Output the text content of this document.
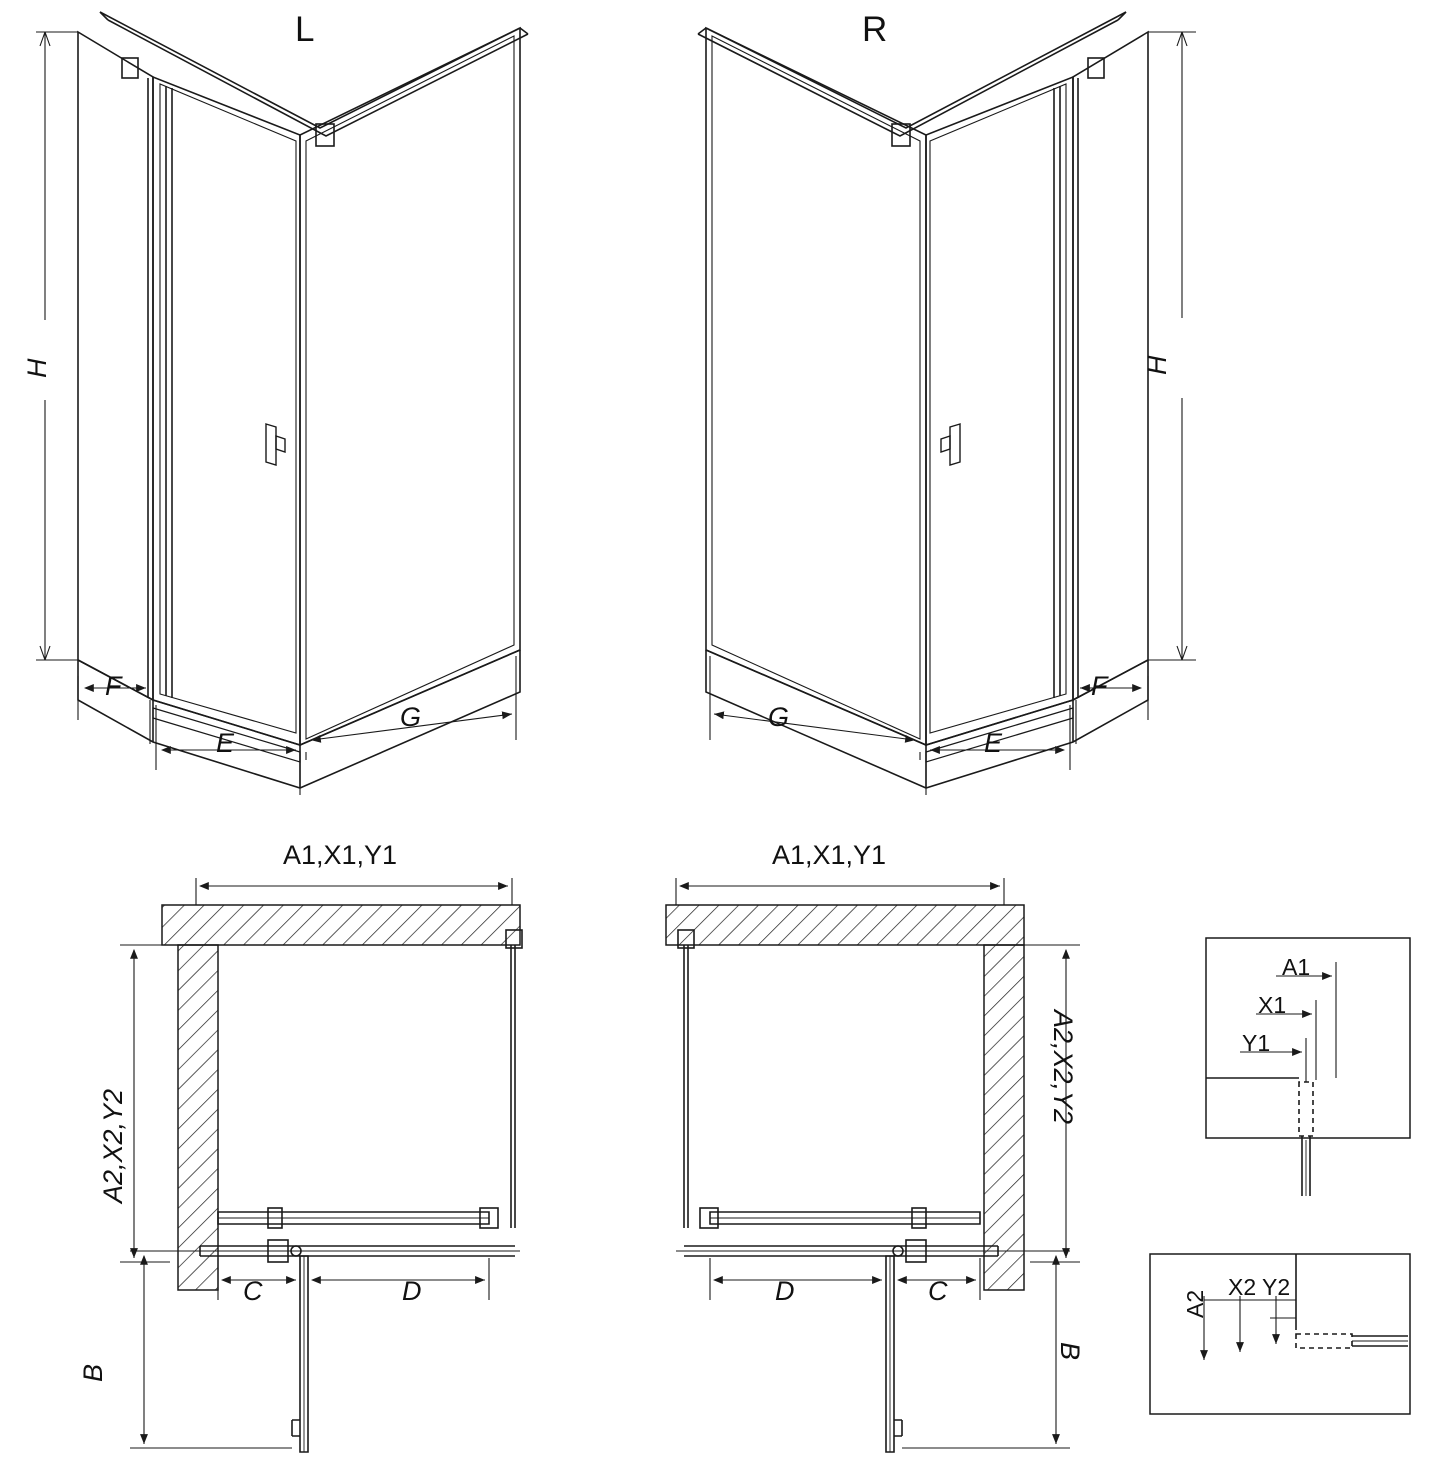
L	R
H	H
F
E
G	G
E
F
A1,X1,Y1	A1,X1,Y1
A2,X2,Y2
A2,X2,Y2
C	D
B
D	C
B
A1
X1
Y1
A2
X2 Y2
